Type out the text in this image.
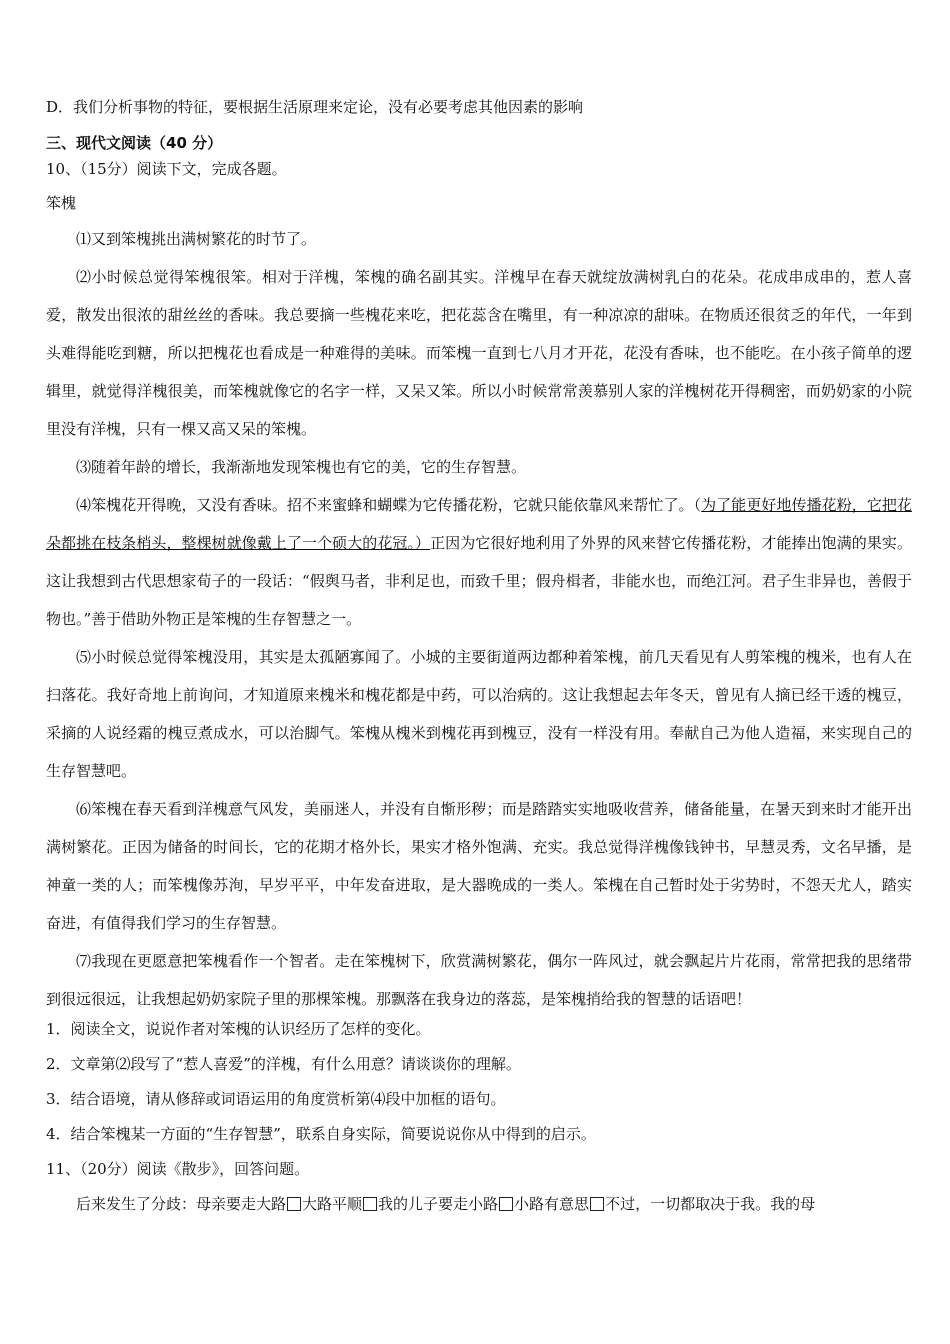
D．我们分析事物的特征，要根据生活原理来定论，没有必要考虑其他因素的影响
三、现代文阅读（40 分）
10、（15分）阅读下文，完成各题。
笨槐

⑴又到笨槐挑出满树繁花的时节了。

⑵小时候总觉得笨槐很笨。相对于洋槐，笨槐的确名副其实。洋槐早在春天就绽放满树乳白的花朵。花成串成串的，惹人喜爱，散发出很浓的甜丝丝的香味。我总要摘一些槐花来吃，把花蕊含在嘴里，有一种凉凉的甜味。在物质还很贫乏的年代，一年到头难得能吃到糖，所以把槐花也看成是一种难得的美味。而笨槐一直到七八月才开花，花没有香味，也不能吃。在小孩子简单的逻辑里，就觉得洋槐很美，而笨槐就像它的名字一样，又呆又笨。所以小时候常常羡慕别人家的洋槐树花开得稠密，而奶奶家的小院里没有洋槐，只有一棵又高又呆的笨槐。

⑶随着年龄的增长，我渐渐地发现笨槐也有它的美，它的生存智慧。

⑷笨槐花开得晚，又没有香味。招不来蜜蜂和蝴蝶为它传播花粉，它就只能依靠风来帮忙了。（为了能更好地传播花粉，它把花朵都挑在枝条梢头，整棵树就像戴上了一个硕大的花冠。）正因为它很好地利用了外界的风来替它传播花粉，才能捧出饱满的果实。这让我想到古代思想家荀子的一段话：“假舆马者，非利足也，而致千里；假舟楫者，非能水也，而绝江河。君子生非异也，善假于物也。”善于借助外物正是笨槐的生存智慧之一。

⑸小时候总觉得笨槐没用，其实是太孤陋寡闻了。小城的主要街道两边都种着笨槐，前几天看见有人剪笨槐的槐米，也有人在扫落花。我好奇地上前询问，才知道原来槐米和槐花都是中药，可以治病的。这让我想起去年冬天，曾见有人摘已经干透的槐豆，采摘的人说经霜的槐豆煮成水，可以治脚气。笨槐从槐米到槐花再到槐豆，没有一样没有用。奉献自己为他人造福，来实现自己的生存智慧吧。

⑹笨槐在春天看到洋槐意气风发，美丽迷人，并没有自惭形秽；而是踏踏实实地吸收营养，储备能量，在暑天到来时才能开出满树繁花。正因为储备的时间长，它的花期才格外长，果实才格外饱满、充实。我总觉得洋槐像钱钟书，早慧灵秀，文名早播，是神童一类的人；而笨槐像苏洵，早岁平平，中年发奋进取，是大器晚成的一类人。笨槐在自己暂时处于劣势时，不怨天尤人，踏实奋进，有值得我们学习的生存智慧。

⑺我现在更愿意把笨槐看作一个智者。走在笨槐树下，欣赏满树繁花，偶尔一阵风过，就会飘起片片花雨，常常把我的思绪带到很远很远，让我想起奶奶家院子里的那棵笨槐。那飘落在我身边的落蕊，是笨槐捎给我的智慧的话语吧！

1．阅读全文，说说作者对笨槐的认识经历了怎样的变化。

2．文章第⑵段写了“惹人喜爱”的洋槐，有什么用意？请谈谈你的理解。

3．结合语境，请从修辞或词语运用的角度赏析第⑷段中加框的语句。

4．结合笨槐某一方面的“生存智慧”，联系自身实际，简要说说你从中得到的启示。

11、（20分）阅读《散步》，回答问题。

后来发生了分歧：母亲要走大路 大路平顺 我的儿子要走小路 小路有意思 不过，一切都取决于我。我的母
